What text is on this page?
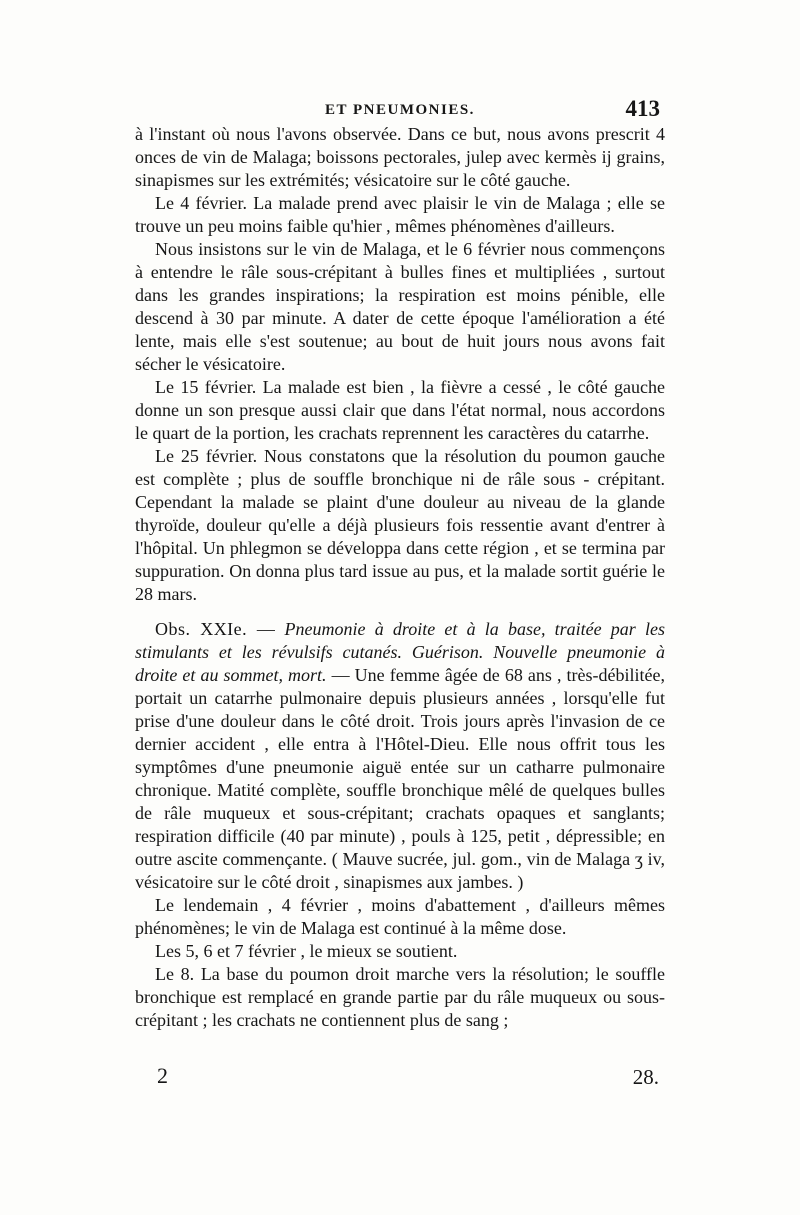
ET PNEUMONIES.	413

à l'instant où nous l'avons observée. Dans ce but, nous avons prescrit 4 onces de vin de Malaga; boissons pectorales, julep avec kermès ij grains, sinapismes sur les extrémités; vésicatoire sur le côté gauche.

Le 4 février. La malade prend avec plaisir le vin de Malaga ; elle se trouve un peu moins faible qu'hier , mêmes phénomènes d'ailleurs.

Nous insistons sur le vin de Malaga, et le 6 février nous commençons à entendre le râle sous-crépitant à bulles fines et multipliées , surtout dans les grandes inspirations; la respiration est moins pénible, elle descend à 30 par minute. A dater de cette époque l'amélioration a été lente, mais elle s'est soutenue; au bout de huit jours nous avons fait sécher le vésicatoire.

Le 15 février. La malade est bien , la fièvre a cessé , le côté gauche donne un son presque aussi clair que dans l'état normal, nous accordons le quart de la portion, les crachats reprennent les caractères du catarrhe.

Le 25 février. Nous constatons que la résolution du poumon gauche est complète ; plus de souffle bronchique ni de râle sous - crépitant. Cependant la malade se plaint d'une douleur au niveau de la glande thyroïde, douleur qu'elle a déjà plusieurs fois ressentie avant d'entrer à l'hôpital. Un phlegmon se développa dans cette région , et se termina par suppuration. On donna plus tard issue au pus, et la malade sortit guérie le 28 mars.

Obs. XXIe. — Pneumonie à droite et à la base, traitée par les stimulants et les révulsifs cutanés. Guérison. Nouvelle pneumonie à droite et au sommet, mort. — Une femme âgée de 68 ans , très-débilitée, portait un catarrhe pulmonaire depuis plusieurs années , lorsqu'elle fut prise d'une douleur dans le côté droit. Trois jours après l'invasion de ce dernier accident , elle entra à l'Hôtel-Dieu. Elle nous offrit tous les symptômes d'une pneumonie aiguë entée sur un catharre pulmonaire chronique. Matité complète, souffle bronchique mêlé de quelques bulles de râle muqueux et sous-crépitant; crachats opaques et sanglants; respiration difficile (40 par minute) , pouls à 125, petit , dépressible; en outre ascite commençante. ( Mauve sucrée, jul. gom., vin de Malaga ʒ iv, vésicatoire sur le côté droit , sinapismes aux jambes. )

Le lendemain , 4 février , moins d'abattement , d'ailleurs mêmes phénomènes; le vin de Malaga est continué à la même dose.

Les 5, 6 et 7 février , le mieux se soutient.

Le 8. La base du poumon droit marche vers la résolution; le souffle bronchique est remplacé en grande partie par du râle muqueux ou sous-crépitant ; les crachats ne contiennent plus de sang ;

2	28.
